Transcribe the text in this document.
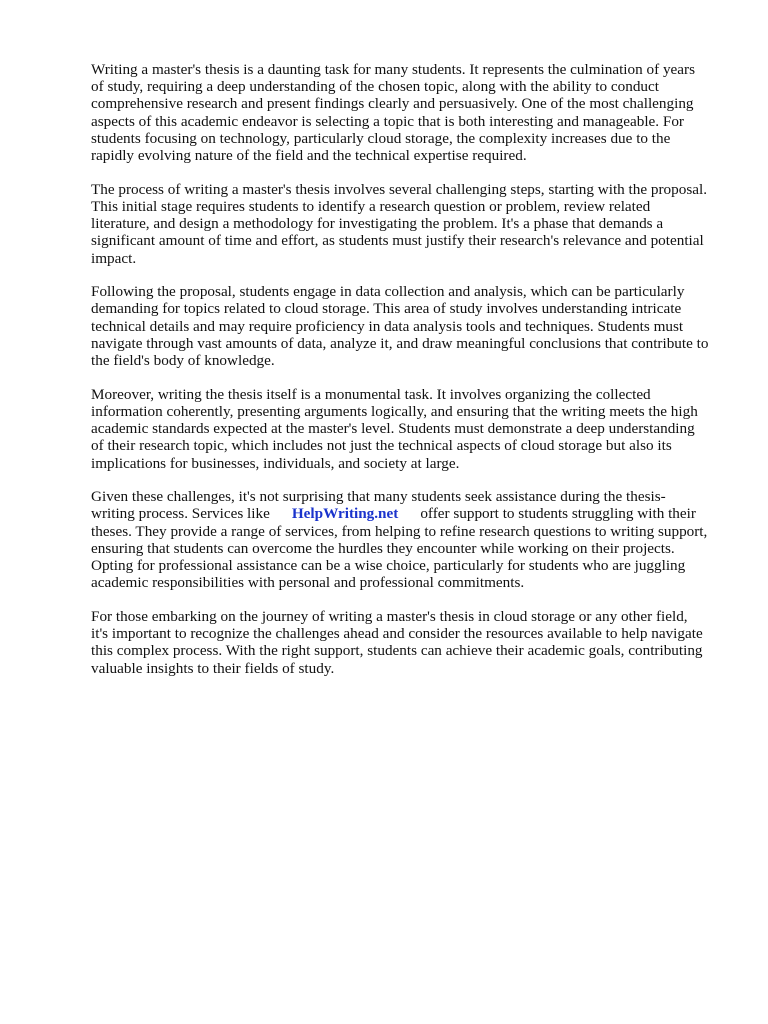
Writing a master's thesis is a daunting task for many students. It represents the culmination of years
of study, requiring a deep understanding of the chosen topic, along with the ability to conduct
comprehensive research and present findings clearly and persuasively. One of the most challenging
aspects of this academic endeavor is selecting a topic that is both interesting and manageable. For
students focusing on technology, particularly cloud storage, the complexity increases due to the
rapidly evolving nature of the field and the technical expertise required.

The process of writing a master's thesis involves several challenging steps, starting with the proposal.
This initial stage requires students to identify a research question or problem, review related
literature, and design a methodology for investigating the problem. It's a phase that demands a
significant amount of time and effort, as students must justify their research's relevance and potential
impact.

Following the proposal, students engage in data collection and analysis, which can be particularly
demanding for topics related to cloud storage. This area of study involves understanding intricate
technical details and may require proficiency in data analysis tools and techniques. Students must
navigate through vast amounts of data, analyze it, and draw meaningful conclusions that contribute to
the field's body of knowledge.

Moreover, writing the thesis itself is a monumental task. It involves organizing the collected
information coherently, presenting arguments logically, and ensuring that the writing meets the high
academic standards expected at the master's level. Students must demonstrate a deep understanding
of their research topic, which includes not just the technical aspects of cloud storage but also its
implications for businesses, individuals, and society at large.

Given these challenges, it's not surprising that many students seek assistance during the thesis-
writing process. Services like HelpWriting.net offer support to students struggling with their
theses. They provide a range of services, from helping to refine research questions to writing support,
ensuring that students can overcome the hurdles they encounter while working on their projects.
Opting for professional assistance can be a wise choice, particularly for students who are juggling
academic responsibilities with personal and professional commitments.

For those embarking on the journey of writing a master's thesis in cloud storage or any other field,
it's important to recognize the challenges ahead and consider the resources available to help navigate
this complex process. With the right support, students can achieve their academic goals, contributing
valuable insights to their fields of study.
